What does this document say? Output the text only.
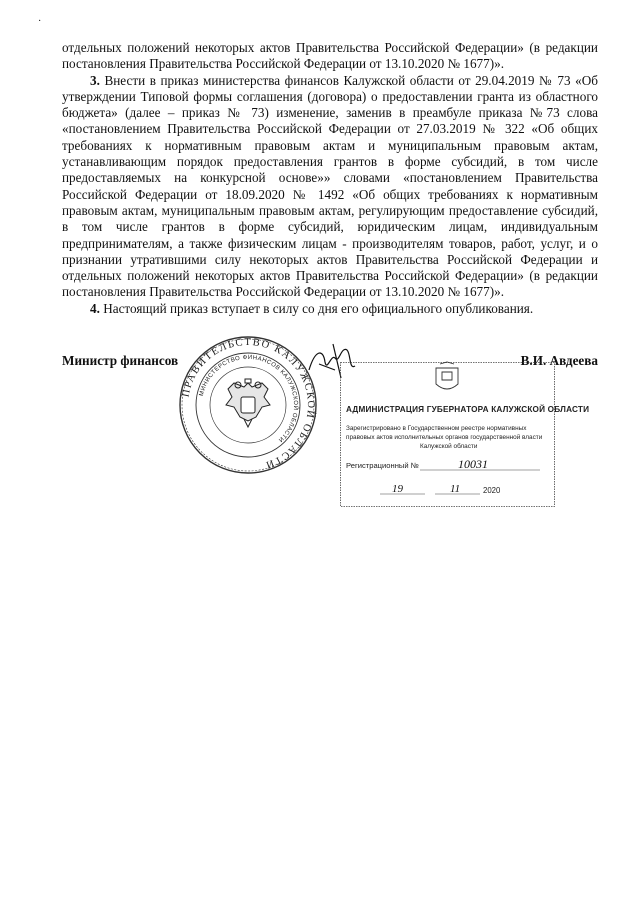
·

отдельных положений некоторых актов Правительства Российской Федерации» (в редакции постановления Правительства Российской Федерации от 13.10.2020 № 1677)».

3. Внести в приказ министерства финансов Калужской области от 29.04.2019 № 73 «Об утверждении Типовой формы соглашения (договора) о предоставлении гранта из областного бюджета» (далее – приказ № 73) изменение, заменив в преамбуле приказа №73 слова «постановлением Правительства Российской Федерации от 27.03.2019 № 322 «Об общих требованиях к нормативным правовым актам и муниципальным правовым актам, устанавливающим порядок предоставления грантов в форме субсидий, в том числе предоставляемых на конкурсной основе»» словами «постановлением Правительства Российской Федерации от 18.09.2020 № 1492 «Об общих требованиях к нормативным правовым актам, муниципальным правовым актам, регулирующим предоставление субсидий, в том числе грантов в форме субсидий, юридическим лицам, индивидуальным предпринимателям, а также физическим лицам - производителям товаров, работ, услуг, и о признании утратившими силу некоторых актов Правительства Российской Федерации и отдельных положений некоторых актов Правительства Российской Федерации» (в редакции постановления Правительства Российской Федерации от 13.10.2020 № 1677)».

4. Настоящий приказ вступает в силу со дня его официального опубликования.

ПРАВИТЕЛЬСТВО КАЛУЖСКОЙ ОБЛАСТИ
МИНИСТЕРСТВО ФИНАНСОВ КАЛУЖСКОЙ ОБЛАСТИ
Министр финансов	В.И. Авдеева
АДМИНИСТРАЦИЯ ГУБЕРНАТОРА КАЛУЖСКОЙ ОБЛАСТИ
Зарегистрировано в Государственном реестре нормативных
правовых актов исполнительных органов государственной власти
Калужской области
Регистрационный №	10031
19	11	2020
